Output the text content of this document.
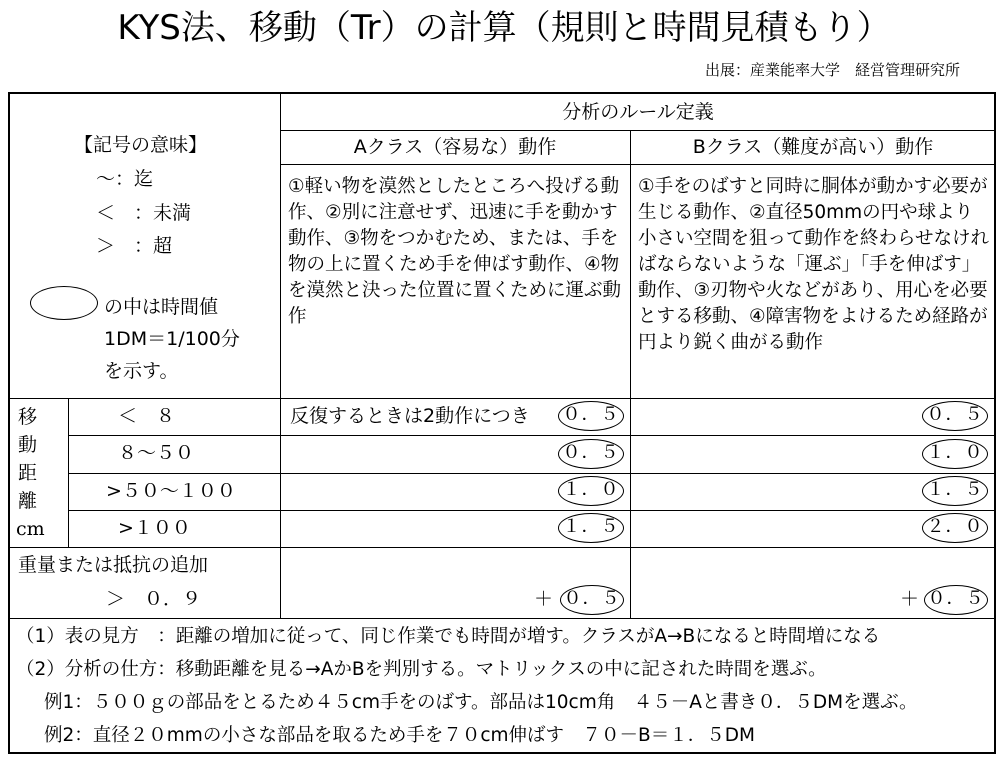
KYS法、移動（Tr）の計算（規則と時間見積もり）
出展：産業能率大学　経営管理研究所
【記号の意味】
～：迄
＜　：未満
＞　：超
の中は時間値
1DM＝1/100分
を示す。
分析のルール定義
Aクラス（容易な）動作	Bクラス（難度が高い）動作
①軽い物を漠然としたところへ投げる動作、②別に注意せず、迅速に手を動かす動作、③物をつかむため、または、手を物の上に置くため手を伸ばす動作、④物を漠然と決った位置に置くために運ぶ動作
①手をのばすと同時に胴体が動かす必要が生じる動作、②直径50mmの円や球より小さい空間を狙って動作を終わらせなければならないような「運ぶ」「手を伸ばす」動作、③刃物や火などがあり、用心を必要とする移動、④障害物をよけるため経路が円より鋭く曲がる動作
移
動
距
離
cm
＜　８	反復するときは2動作につき ０．５	０．５
８～５０	０．５	１．０
>５０～１００	１．０	１．５
>１００	１．５	２．０
重量または抵抗の追加
＞　０．９	＋ ０．５	＋ ０．５
（1）表の見方　：距離の増加に従って、同じ作業でも時間が増す。クラスがA→Bになると時間増になる
（2）分析の仕方：移動距離を見る→AかBを判別する。マトリックスの中に記された時間を選ぶ。
例1：５００ｇの部品をとるため４５cm手をのばす。部品は10cm角　４５－Aと書き０．５DMを選ぶ。
例2：直径２０mmの小さな部品を取るため手を７０cm伸ばす　７０－B＝１．５DM
